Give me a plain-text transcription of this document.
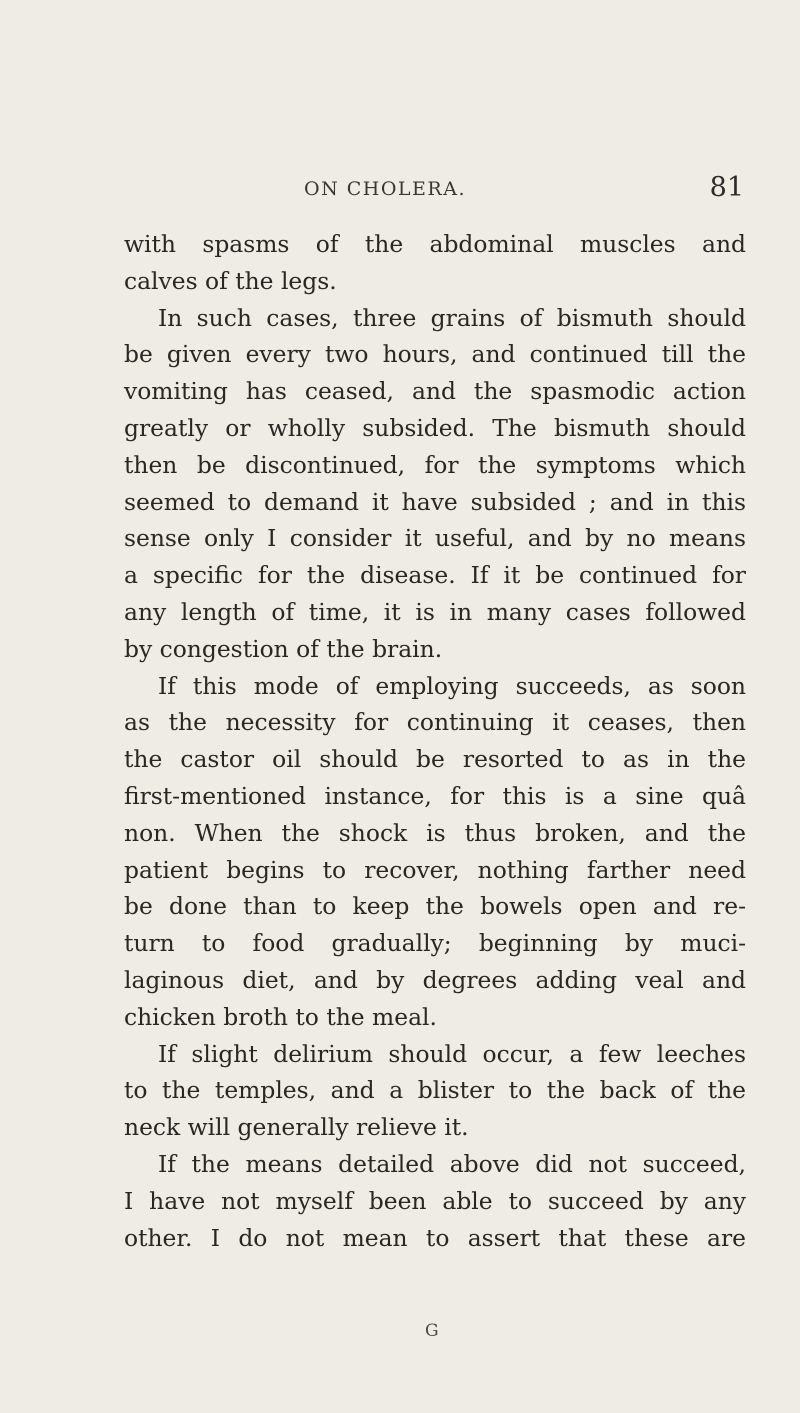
ON CHOLERA.	81
with spasms of the abdominal muscles and
calves of the legs.
In such cases, three grains of bismuth should
be given every two hours, and continued till the
vomiting has ceased, and the spasmodic action
greatly or wholly subsided. The bismuth should
then be discontinued, for the symptoms which
seemed to demand it have subsided ; and in this
sense only I consider it useful, and by no means
a specific for the disease. If it be continued for
any length of time, it is in many cases followed
by congestion of the brain.
If this mode of employing succeeds, as soon
as the necessity for continuing it ceases, then
the castor oil should be resorted to as in the
first-mentioned instance, for this is a sine quâ
non. When the shock is thus broken, and the
patient begins to recover, nothing farther need
be done than to keep the bowels open and re-
turn to food gradually; beginning by muci-
laginous diet, and by degrees adding veal and
chicken broth to the meal.
If slight delirium should occur, a few leeches
to the temples, and a blister to the back of the
neck will generally relieve it.
If the means detailed above did not succeed,
I have not myself been able to succeed by any
other. I do not mean to assert that these are
G
